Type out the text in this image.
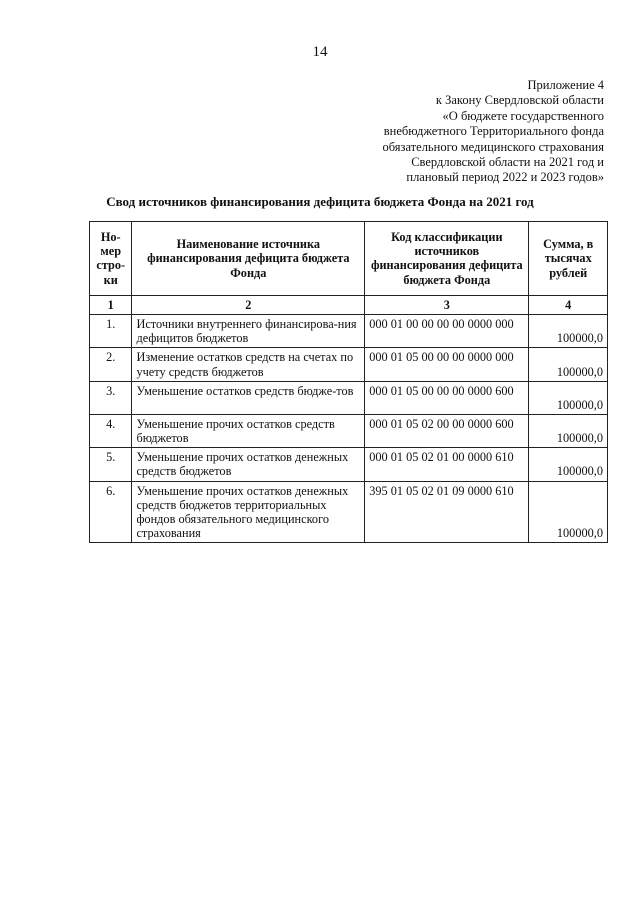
14
Приложение 4
к Закону Свердловской области
«О бюджете государственного
внебюджетного Территориального фонда
обязательного медицинского страхования
Свердловской области на 2021 год и
плановый период 2022 и 2023 годов»
Свод источников финансирования дефицита бюджета Фонда на 2021 год
Но-мер стро-ки	Наименование источника финансирования дефицита бюджета Фонда	Код классификации источников финансирования дефицита бюджета Фонда	Сумма, в тысячах рублей
1	2	3	4
1.	Источники внутреннего финансирова-ния дефицитов бюджетов	000 01 00 00 00 00 0000 000	100000,0
2.	Изменение остатков средств на счетах по учету средств бюджетов	000 01 05 00 00 00 0000 000	100000,0
3.	Уменьшение остатков средств бюдже-тов	000 01 05 00 00 00 0000 600	100000,0
4.	Уменьшение прочих остатков средств бюджетов	000 01 05 02 00 00 0000 600	100000,0
5.	Уменьшение прочих остатков денежных средств бюджетов	000 01 05 02 01 00 0000 610	100000,0
6.	Уменьшение прочих остатков денежных средств бюджетов территориальных фондов обязательного медицинского страхования	395 01 05 02 01 09 0000 610	100000,0
